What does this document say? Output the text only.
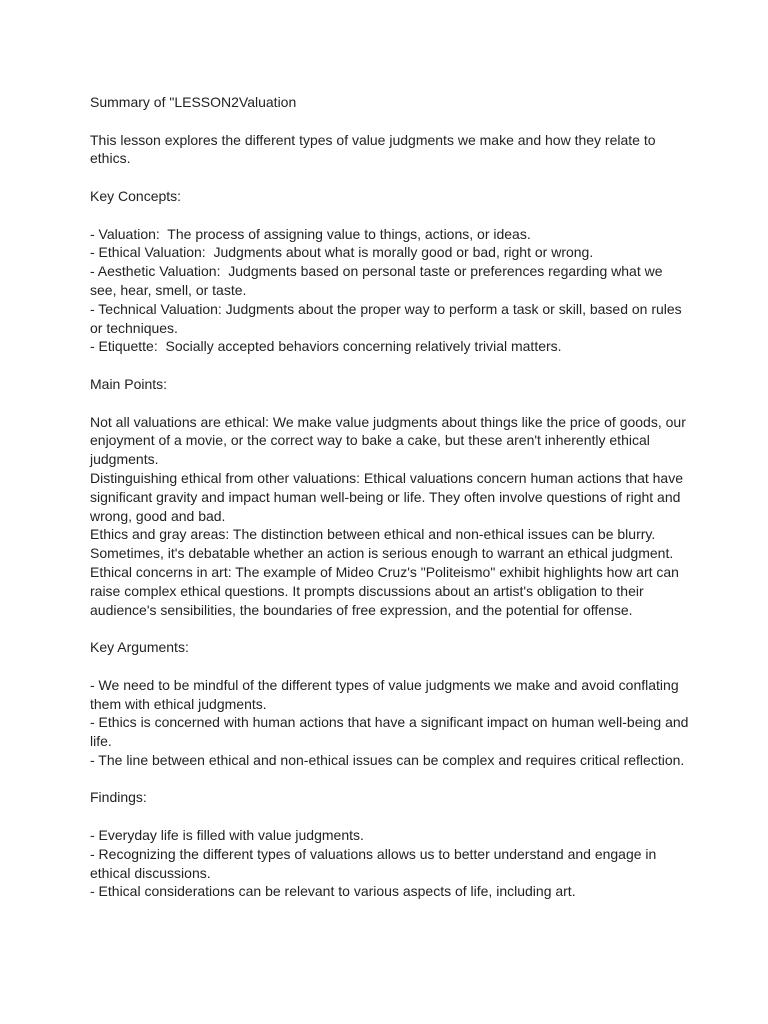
Summary of "LESSON2Valuation
This lesson explores the different types of value judgments we make and how they relate to ethics.
Key Concepts:
- Valuation:  The process of assigning value to things, actions, or ideas.
- Ethical Valuation:  Judgments about what is morally good or bad, right or wrong.
- Aesthetic Valuation:  Judgments based on personal taste or preferences regarding what we see, hear, smell, or taste.
- Technical Valuation: Judgments about the proper way to perform a task or skill, based on rules or techniques.
- Etiquette:  Socially accepted behaviors concerning relatively trivial matters.
Main Points:
Not all valuations are ethical: We make value judgments about things like the price of goods, our enjoyment of a movie, or the correct way to bake a cake, but these aren't inherently ethical judgments.
Distinguishing ethical from other valuations: Ethical valuations concern human actions that have significant gravity and impact human well-being or life. They often involve questions of right and wrong, good and bad.
Ethics and gray areas: The distinction between ethical and non-ethical issues can be blurry. Sometimes, it's debatable whether an action is serious enough to warrant an ethical judgment.
Ethical concerns in art: The example of Mideo Cruz's "Politeismo" exhibit highlights how art can raise complex ethical questions. It prompts discussions about an artist's obligation to their audience's sensibilities, the boundaries of free expression, and the potential for offense.
Key Arguments:
- We need to be mindful of the different types of value judgments we make and avoid conflating them with ethical judgments.
- Ethics is concerned with human actions that have a significant impact on human well-being and life.
- The line between ethical and non-ethical issues can be complex and requires critical reflection.
Findings:
- Everyday life is filled with value judgments.
- Recognizing the different types of valuations allows us to better understand and engage in ethical discussions.
- Ethical considerations can be relevant to various aspects of life, including art.
